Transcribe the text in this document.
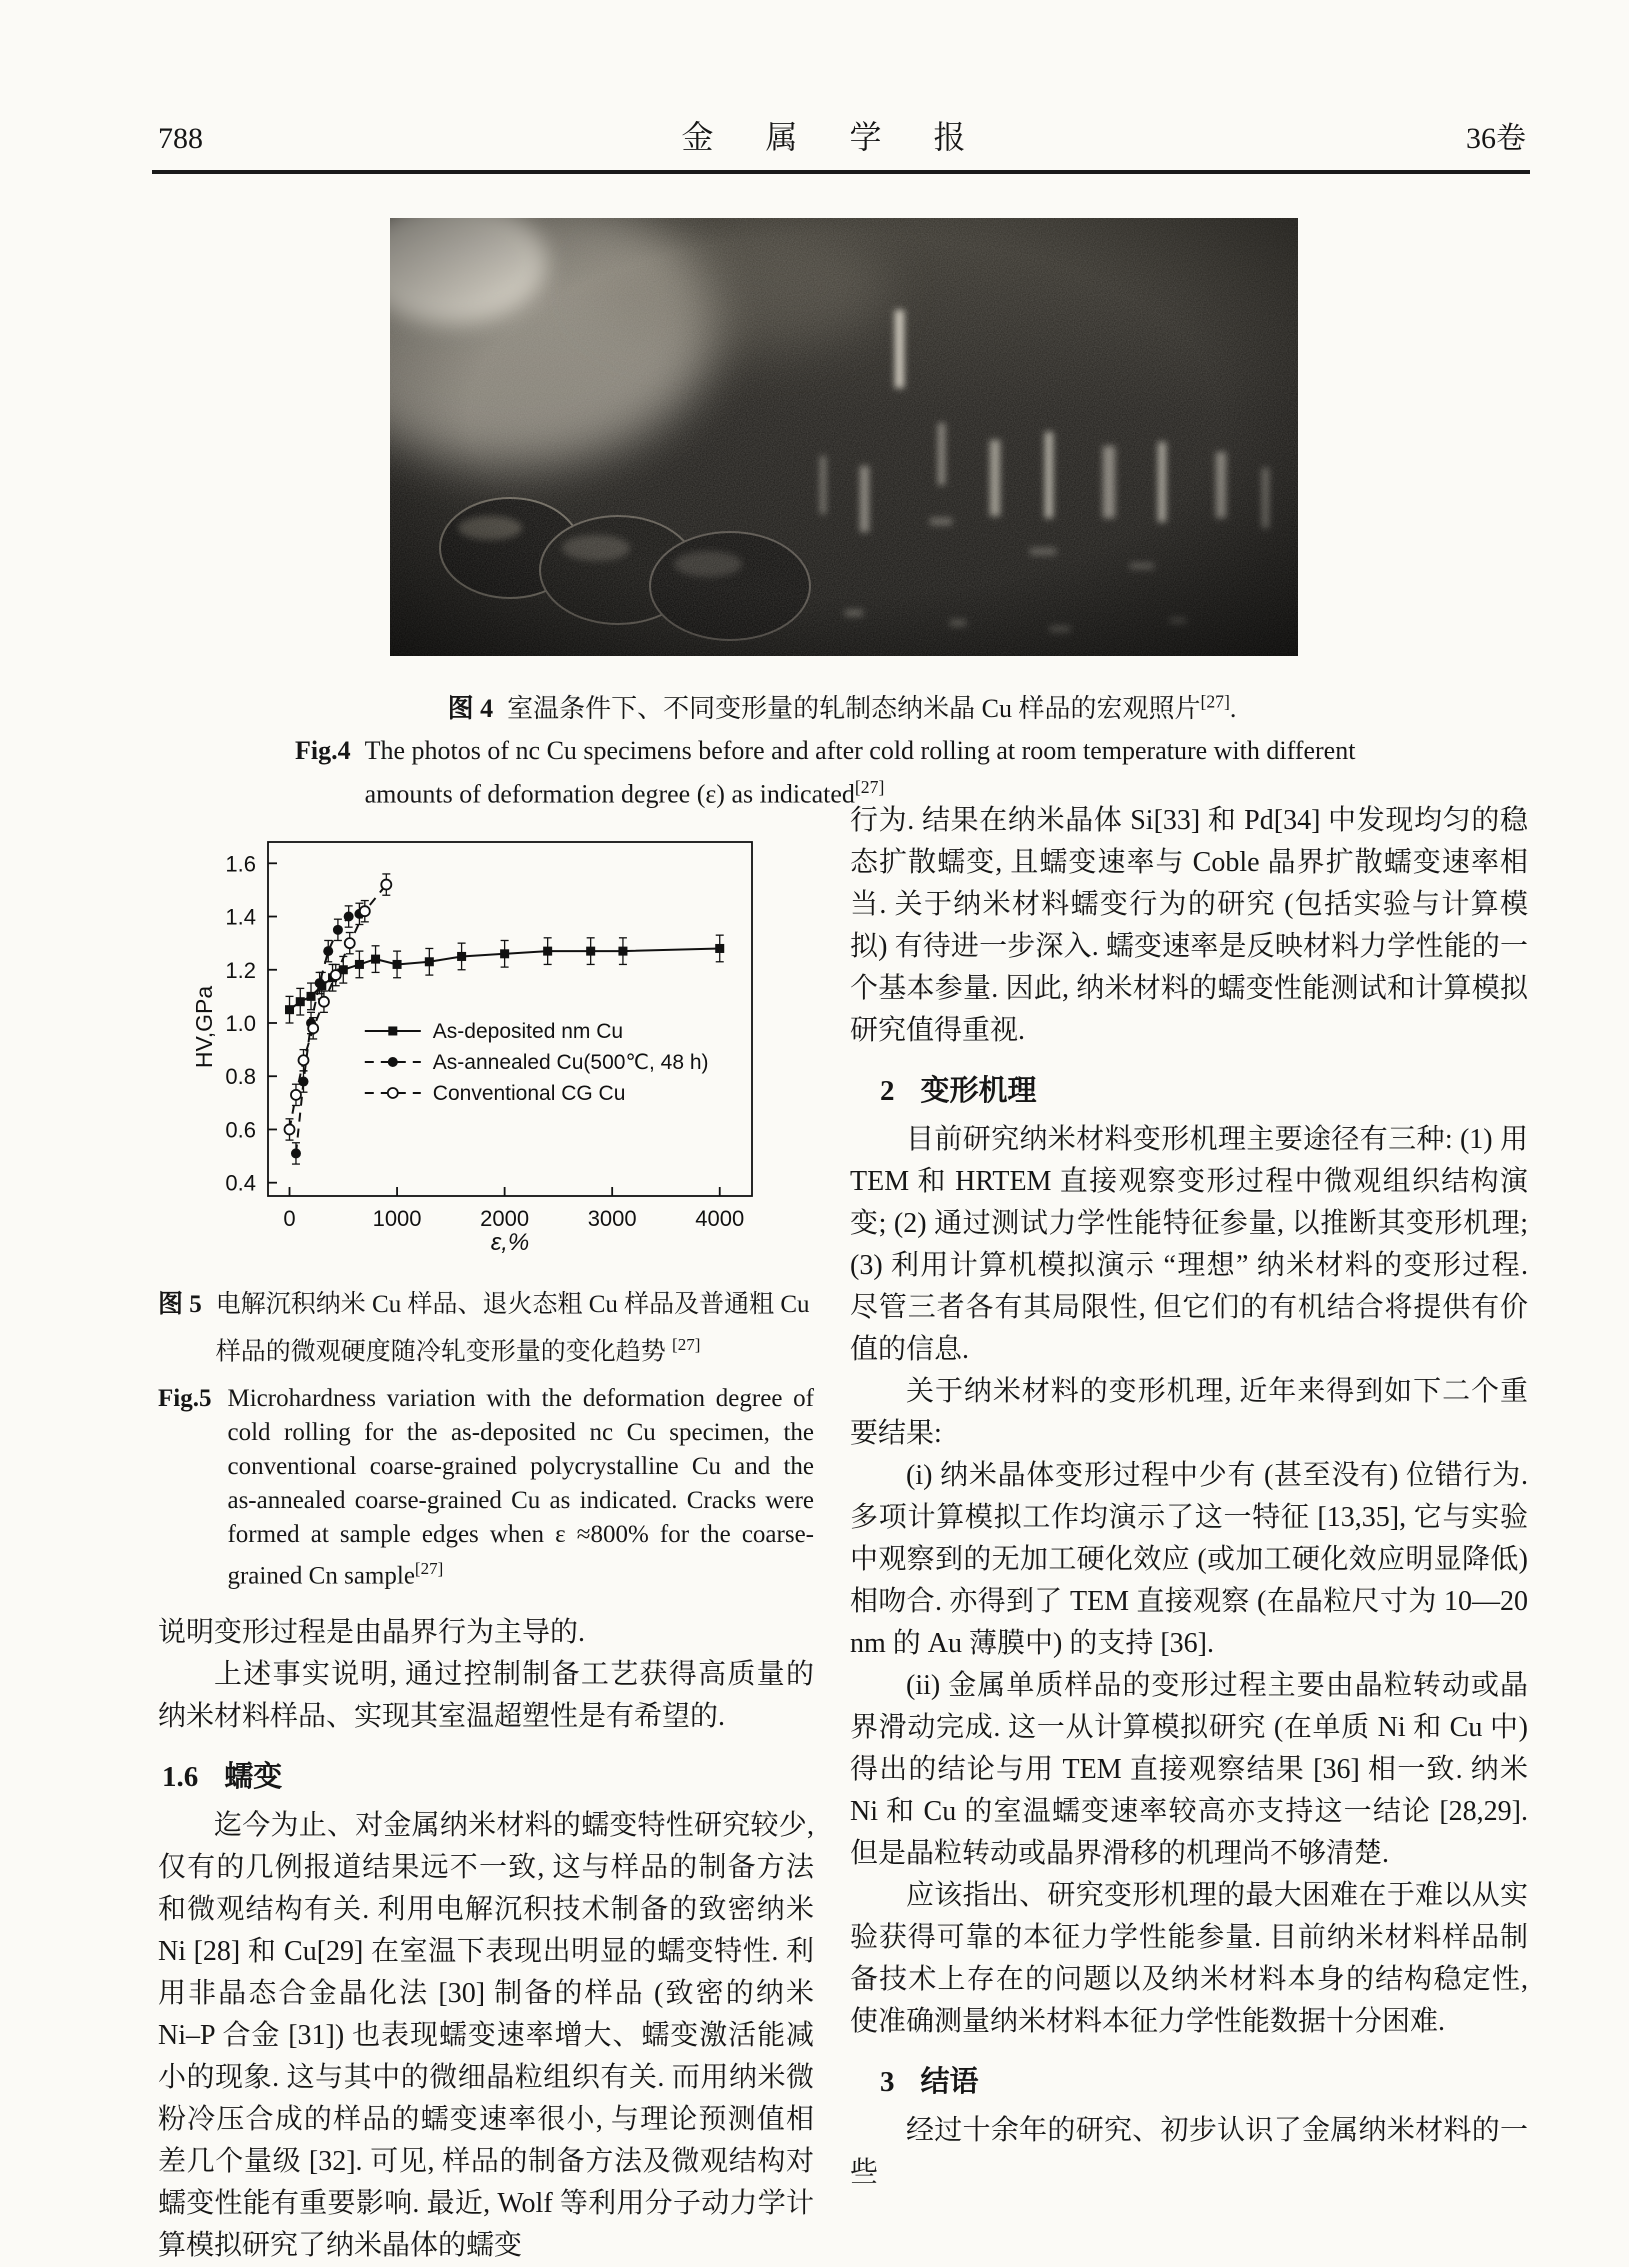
788	金 属 学 报	36卷
图 4 室温条件下、不同变形量的轧制态纳米晶 Cu 样品的宏观照片[27].
Fig.4 The photos of nc Cu specimens before and after cold rolling at room temperature with different amounts of deformation degree (ε) as indicated[27]
0.4
0.6
0.8
1.0
1.2
1.4
1.6
0	1000	2000	3000	4000
HV,GPa
ε,%
As-deposited nm Cu
As-annealed Cu(500℃, 48 h)
Conventional CG Cu
图 5 电解沉积纳米 Cu 样品、退火态粗 Cu 样品及普通粗 Cu 样品的微观硬度随冷轧变形量的变化趋势 [27]
Fig.5 Microhardness variation with the deformation degree of cold rolling for the as-deposited nc Cu specimen, the conventional coarse-grained polycrystalline Cu and the as-annealed coarse-grained Cu as indicated. Cracks were formed at sample edges when ε ≈800% for the coarse-grained Cn sample[27]

说明变形过程是由晶界行为主导的.

上述事实说明, 通过控制制备工艺获得高质量的纳米材料样品、实现其室温超塑性是有希望的.

1.6 蠕变

迄今为止、对金属纳米材料的蠕变特性研究较少, 仅有的几例报道结果远不一致, 这与样品的制备方法和微观结构有关. 利用电解沉积技术制备的致密纳米 Ni [28] 和 Cu[29] 在室温下表现出明显的蠕变特性. 利用非晶态合金晶化法 [30] 制备的样品 (致密的纳米 Ni–P 合金 [31]) 也表现蠕变速率增大、蠕变激活能减小的现象. 这与其中的微细晶粒组织有关. 而用纳米微粉冷压合成的样品的蠕变速率很小, 与理论预测值相差几个量级 [32]. 可见, 样品的制备方法及微观结构对蠕变性能有重要影响. 最近, Wolf 等利用分子动力学计算模拟研究了纳米晶体的蠕变

行为. 结果在纳米晶体 Si[33] 和 Pd[34] 中发现均匀的稳态扩散蠕变, 且蠕变速率与 Coble 晶界扩散蠕变速率相当. 关于纳米材料蠕变行为的研究 (包括实验与计算模拟) 有待进一步深入. 蠕变速率是反映材料力学性能的一个基本参量. 因此, 纳米材料的蠕变性能测试和计算模拟研究值得重视.

2 变形机理

目前研究纳米材料变形机理主要途径有三种: (1) 用 TEM 和 HRTEM 直接观察变形过程中微观组织结构演变; (2) 通过测试力学性能特征参量, 以推断其变形机理; (3) 利用计算机模拟演示 “理想” 纳米材料的变形过程. 尽管三者各有其局限性, 但它们的有机结合将提供有价值的信息.

关于纳米材料的变形机理, 近年来得到如下二个重要结果:

(i) 纳米晶体变形过程中少有 (甚至没有) 位错行为. 多项计算模拟工作均演示了这一特征 [13,35], 它与实验中观察到的无加工硬化效应 (或加工硬化效应明显降低) 相吻合. 亦得到了 TEM 直接观察 (在晶粒尺寸为 10—20 nm 的 Au 薄膜中) 的支持 [36].

(ii) 金属单质样品的变形过程主要由晶粒转动或晶界滑动完成. 这一从计算模拟研究 (在单质 Ni 和 Cu 中) 得出的结论与用 TEM 直接观察结果 [36] 相一致. 纳米 Ni 和 Cu 的室温蠕变速率较高亦支持这一结论 [28,29]. 但是晶粒转动或晶界滑移的机理尚不够清楚.

应该指出、研究变形机理的最大困难在于难以从实验获得可靠的本征力学性能参量. 目前纳米材料样品制备技术上存在的问题以及纳米材料本身的结构稳定性, 使准确测量纳米材料本征力学性能数据十分困难.

3 结语

经过十余年的研究、初步认识了金属纳米材料的一些
